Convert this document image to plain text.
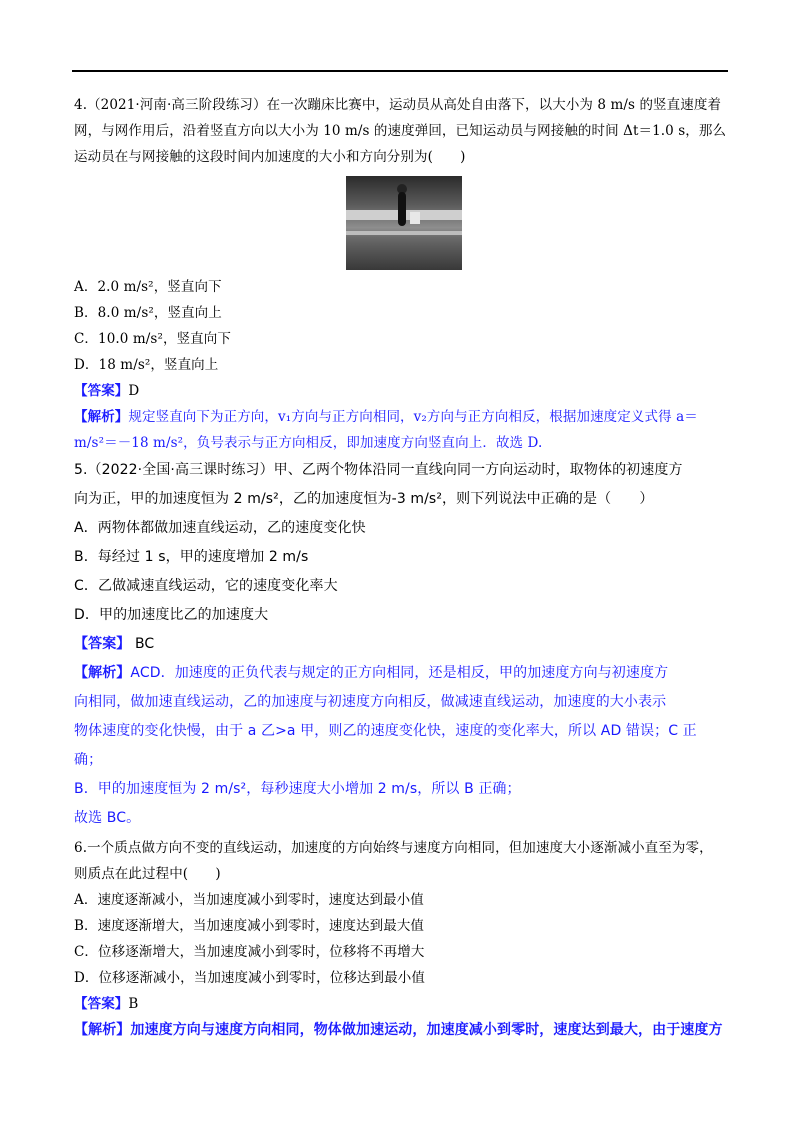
4.（2021·河南·高三阶段练习）在一次蹦床比赛中，运动员从高处自由落下，以大小为 8 m/s 的竖直速度着
网，与网作用后，沿着竖直方向以大小为 10 m/s 的速度弹回，已知运动员与网接触的时间 Δt＝1.0 s，那么
运动员在与网接触的这段时间内加速度的大小和方向分别为(　　)
A．2.0 m/s²，竖直向下
B．8.0 m/s²，竖直向上
C．10.0 m/s²，竖直向下
D．18 m/s²，竖直向上
【答案】D
【解析】规定竖直向下为正方向，v₁方向与正方向相同，v₂方向与正方向相反，根据加速度定义式得 a＝
m/s²＝－18 m/s²，负号表示与正方向相反，即加速度方向竖直向上．故选 D.
5.（2022·全国·高三课时练习）甲、乙两个物体沿同一直线向同一方向运动时，取物体的初速度方
向为正，甲的加速度恒为 2 m/s²，乙的加速度恒为-3 m/s²，则下列说法中正确的是（　　）
A．两物体都做加速直线运动，乙的速度变化快
B．每经过 1 s，甲的速度增加 2 m/s
C．乙做减速直线运动，它的速度变化率大
D．甲的加速度比乙的加速度大
【答案】 BC
【解析】ACD．加速度的正负代表与规定的正方向相同，还是相反，甲的加速度方向与初速度方
向相同，做加速直线运动，乙的加速度与初速度方向相反，做减速直线运动，加速度的大小表示
物体速度的变化快慢，由于 a 乙>a 甲，则乙的速度变化快，速度的变化率大，所以 AD 错误；C 正
确；
B．甲的加速度恒为 2 m/s²，每秒速度大小增加 2 m/s，所以 B 正确；
故选 BC。
6.一个质点做方向不变的直线运动，加速度的方向始终与速度方向相同，但加速度大小逐渐减小直至为零，
则质点在此过程中(　　)
A．速度逐渐减小，当加速度减小到零时，速度达到最小值
B．速度逐渐增大，当加速度减小到零时，速度达到最大值
C．位移逐渐增大，当加速度减小到零时，位移将不再增大
D．位移逐渐减小，当加速度减小到零时，位移达到最小值
【答案】B
【解析】加速度方向与速度方向相同，物体做加速运动，加速度减小到零时，速度达到最大，由于速度方
